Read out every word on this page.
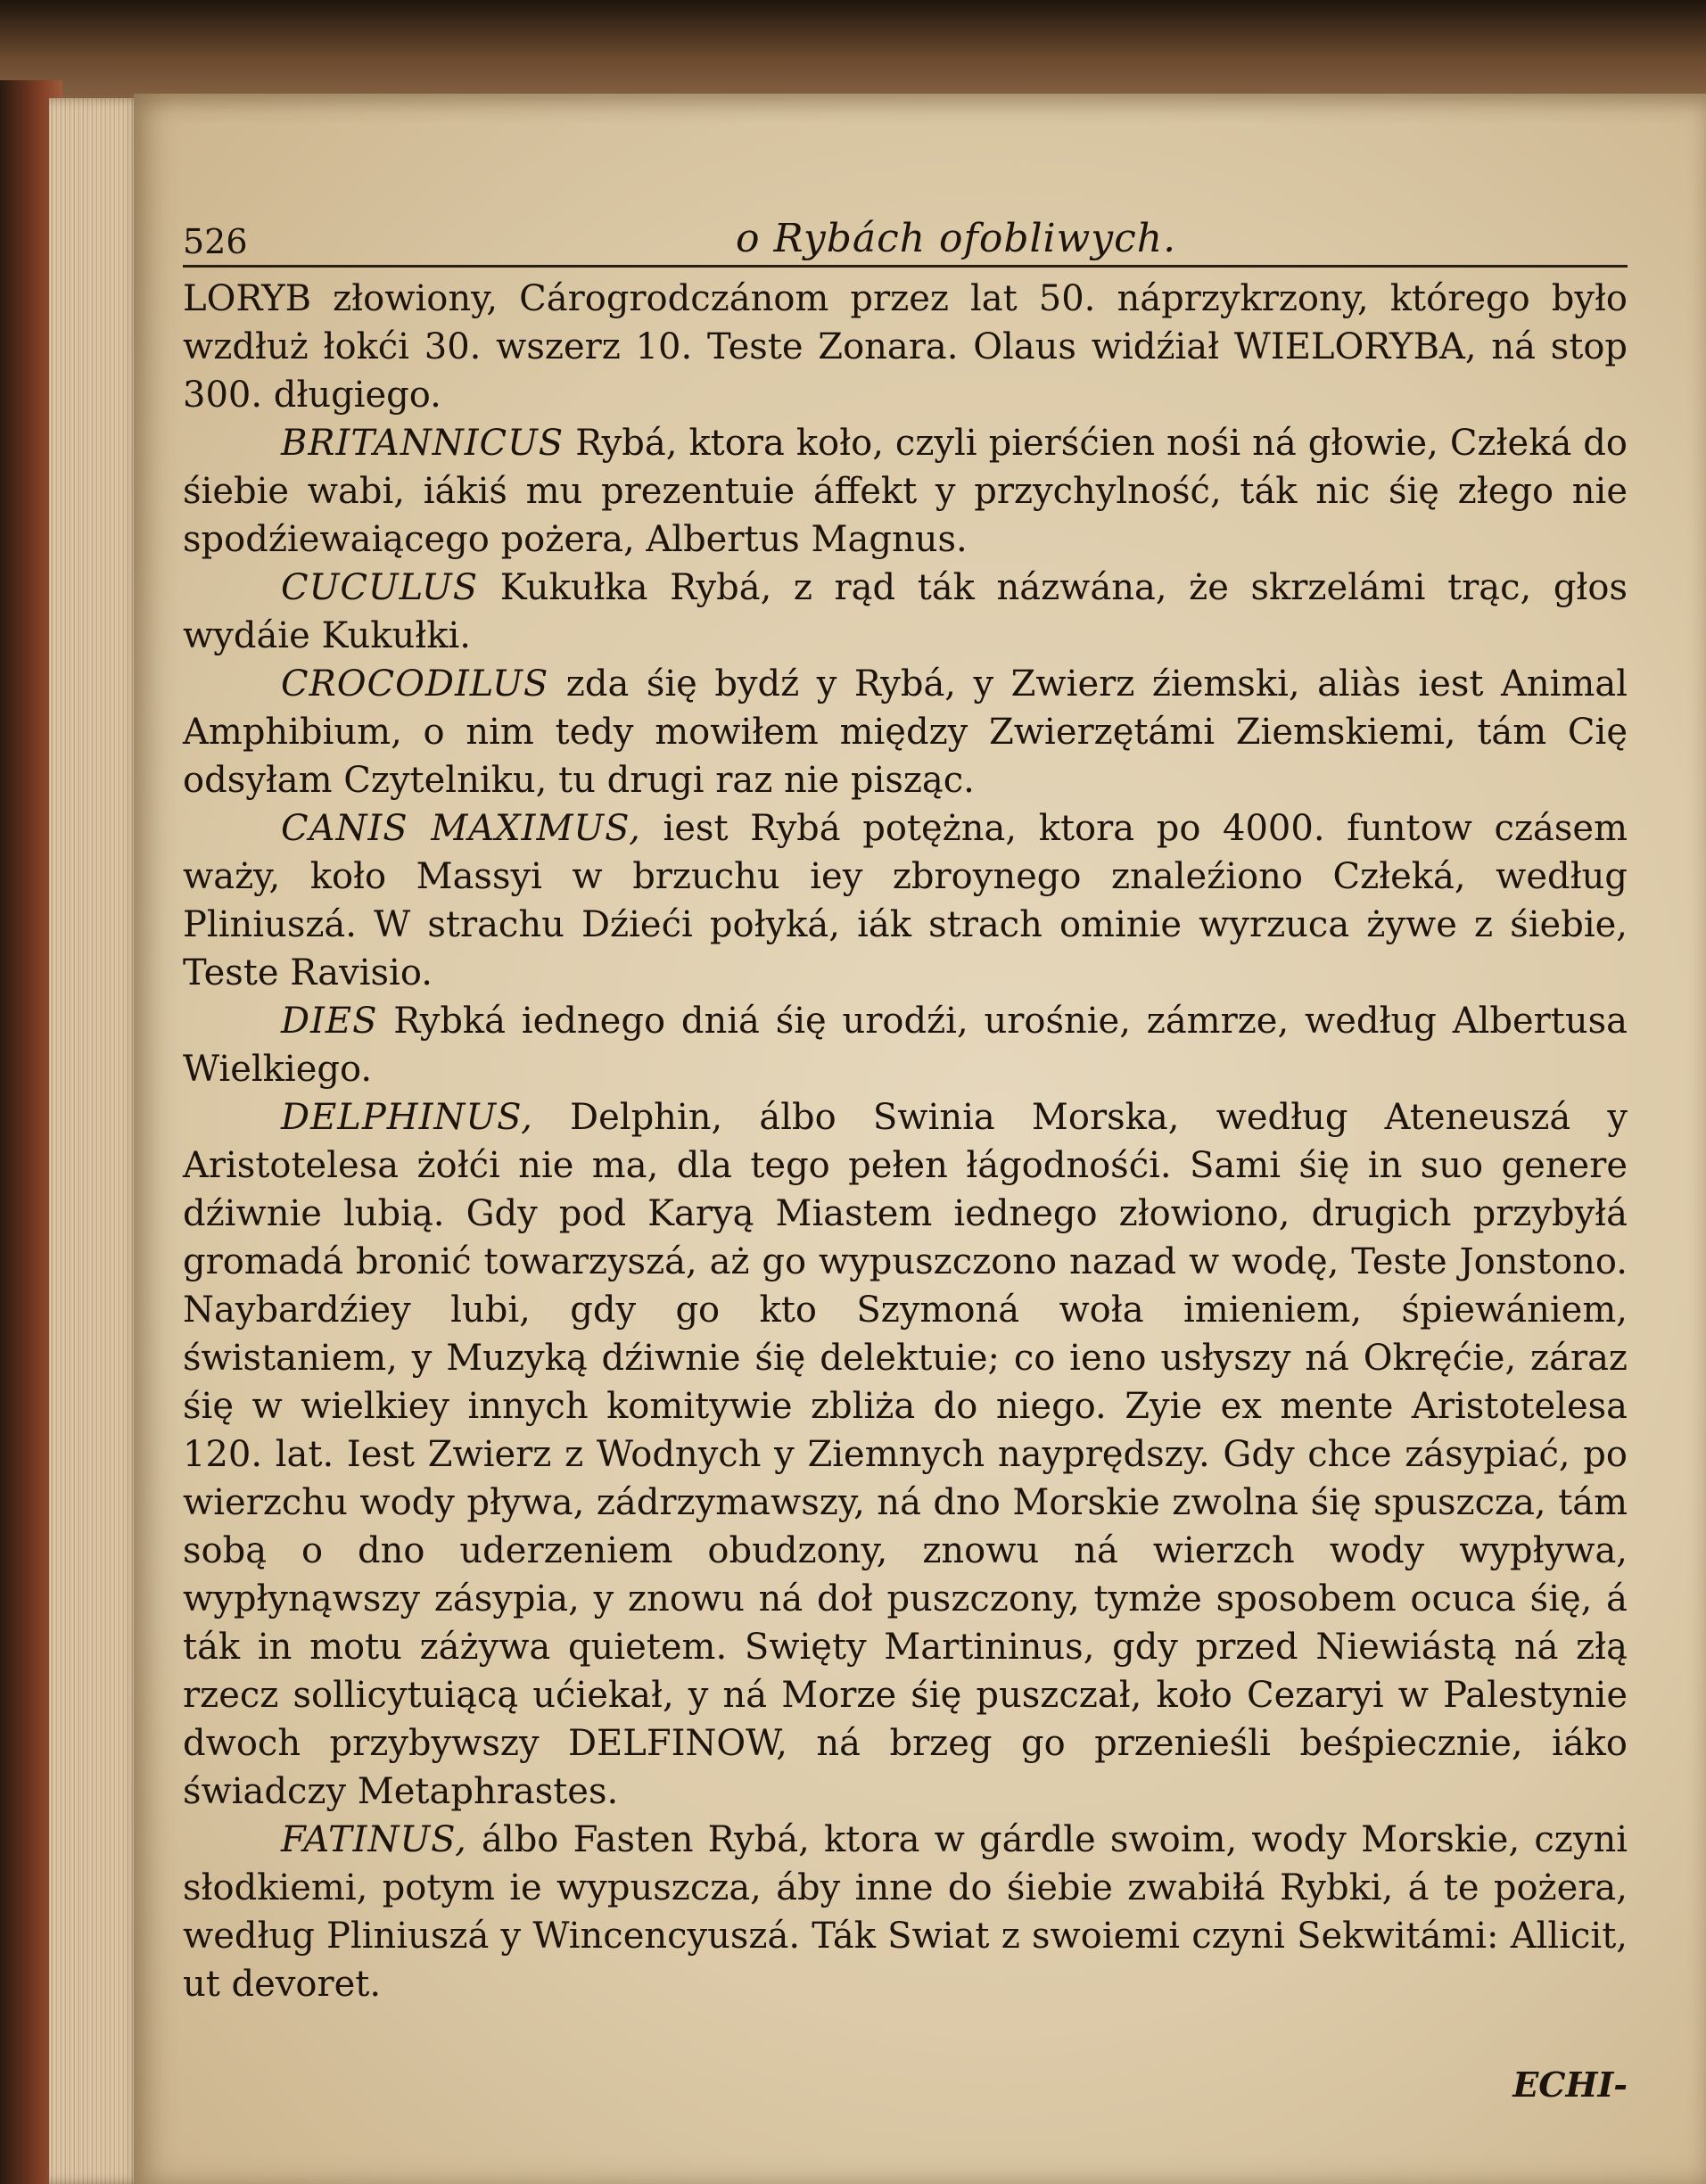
526	o Rybách ofobliwych.

LORYB złowiony, Cárogrodczánom przez lat 50. náprzykrzony, którego było wzdłuż łokći 30. wszerz 10. Teste Zonara. Olaus widźiał WIELORYBA, ná stop 300. długiego.

BRITANNICUS Rybá, ktora koło, czyli pierśćien nośi ná głowie, Człeká do śiebie wabi, iákiś mu prezentuie áffekt y przychylność, ták nic śię złego nie spodźiewaiącego pożera, Albertus Magnus.

CUCULUS Kukułka Rybá, z rąd ták názwána, że skrzelámi trąc, głos wydáie Kukułki.

CROCODILUS zda śię bydź y Rybá, y Zwierz źiemski, aliàs iest Animal Amphibium, o nim tedy mowiłem między Zwierzętámi Ziemskiemi, tám Cię odsyłam Czytelniku, tu drugi raz nie pisząc.

CANIS MAXIMUS, iest Rybá potężna, ktora po 4000. funtow czásem waży, koło Massyi w brzuchu iey zbroynego znaleźiono Człeká, według Pliniuszá. W strachu Dźieći połyká, iák strach ominie wyrzuca żywe z śiebie, Teste Ravisio.

DIES Rybká iednego dniá śię urodźi, urośnie, zámrze, według Albertusa Wielkiego.

DELPHINUS, Delphin, álbo Swinia Morska, według Ateneuszá y Aristotelesa żołći nie ma, dla tego pełen łágodnośći. Sami śię in suo genere dźiwnie lubią. Gdy pod Karyą Miastem iednego złowiono, drugich przybyłá gromadá bronić towarzyszá, aż go wypuszczono nazad w wodę, Teste Jonstono. Naybardźiey lubi, gdy go kto Szymoná woła imieniem, śpiewániem, świstaniem, y Muzyką dźiwnie śię delektuie; co ieno usłyszy ná Okręćie, záraz śię w wielkiey innych komitywie zbliża do niego. Zyie ex mente Aristotelesa 120. lat. Iest Zwierz z Wodnych y Ziemnych nayprędszy. Gdy chce zásypiać, po wierzchu wody pływa, zádrzymawszy, ná dno Morskie zwolna śię spuszcza, tám sobą o dno uderzeniem obudzony, znowu ná wierzch wody wypływa, wypłynąwszy zásypia, y znowu ná doł puszczony, tymże sposobem ocuca śię, á ták in motu záżywa quietem. Swięty Martininus, gdy przed Niewiástą ná złą rzecz sollicytuiącą ućiekał, y ná Morze śię puszczał, koło Cezaryi w Palestynie dwoch przybywszy DELFINOW, ná brzeg go przenieśli beśpiecznie, iáko świadczy Metaphrastes.

FATINUS, álbo Fasten Rybá, ktora w gárdle swoim, wody Morskie, czyni słodkiemi, potym ie wypuszcza, áby inne do śiebie zwabiłá Rybki, á te pożera, według Pliniuszá y Wincencyuszá. Ták Swiat z swoiemi czyni Sekwitámi: Allicit, ut devoret.

ECHI-
